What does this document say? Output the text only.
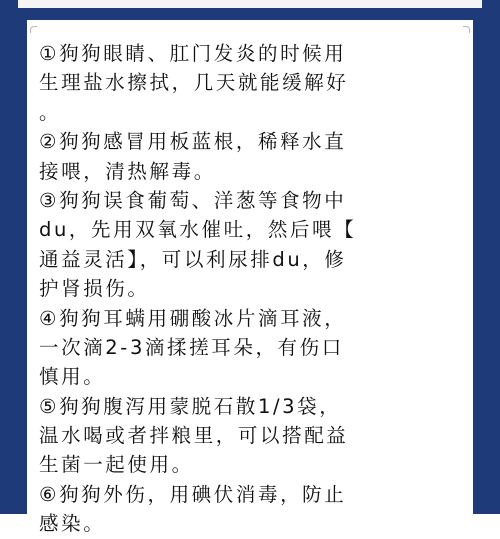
①狗狗眼睛、肛门发炎的时候用
生理盐水擦拭，几天就能缓解好
。
②狗狗感冒用板蓝根，稀释水直
接喂，清热解毒。
③狗狗误食葡萄、洋葱等食物中
du，先用双氧水催吐，然后喂【
通益灵活】，可以利尿排du，修
护肾损伤。
④狗狗耳螨用硼酸冰片滴耳液，
一次滴2-3滴揉搓耳朵，有伤口
慎用。
⑤狗狗腹泻用蒙脱石散1/3袋，
温水喝或者拌粮里，可以搭配益
生菌一起使用。
⑥狗狗外伤，用碘伏消毒，防止
感染。
